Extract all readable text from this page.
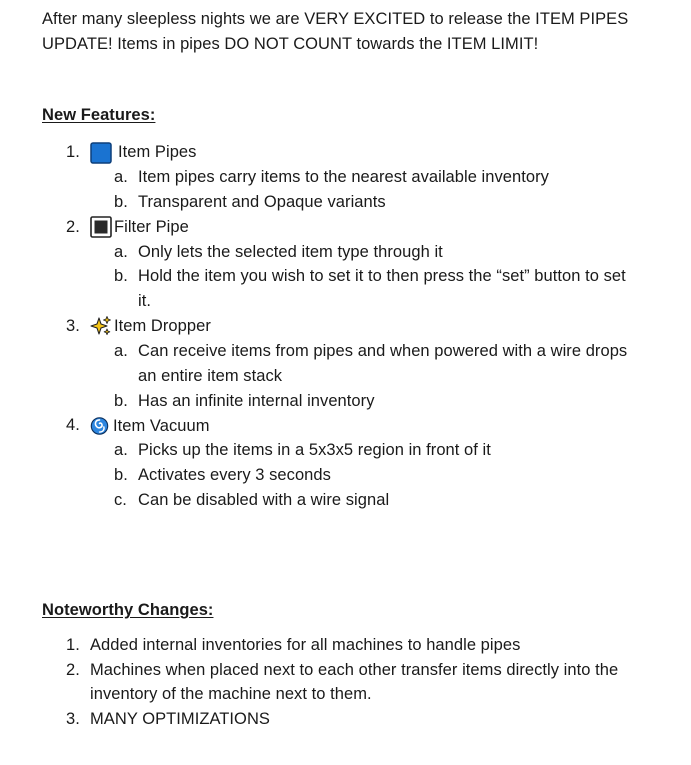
After many sleepless nights we are VERY EXCITED to release the ITEM PIPES UPDATE! Items in pipes DO NOT COUNT towards the ITEM LIMIT!

New Features:

1. Item Pipes
a. Item pipes carry items to the nearest available inventory
b. Transparent and Opaque variants
2. Filter Pipe
a. Only lets the selected item type through it
b. Hold the item you wish to set it to then press the “set” button to set it.
3. Item Dropper
a. Can receive items from pipes and when powered with a wire drops an entire item stack
b. Has an infinite internal inventory
4. Item Vacuum
a. Picks up the items in a 5x3x5 region in front of it
b. Activates every 3 seconds
c. Can be disabled with a wire signal

Noteworthy Changes:

1. Added internal inventories for all machines to handle pipes
2. Machines when placed next to each other transfer items directly into the inventory of the machine next to them.
3. MANY OPTIMIZATIONS
